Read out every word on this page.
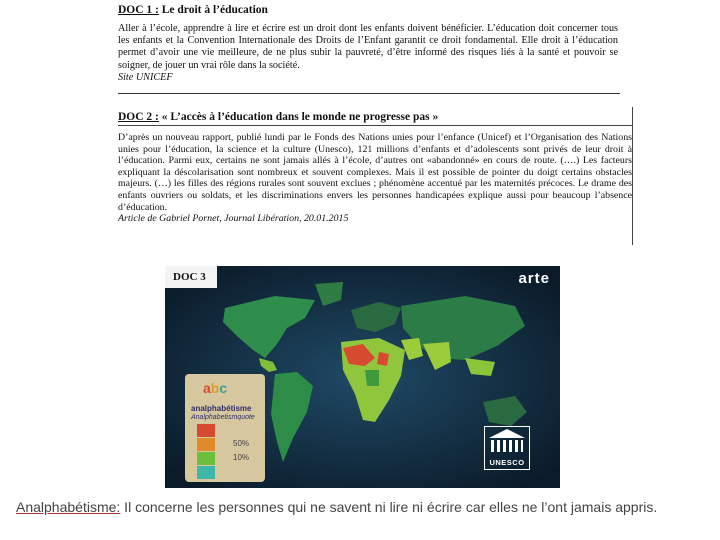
DOC 1 : Le droit à l’éducation

Aller à l’école, apprendre à lire et écrire est un droit dont les enfants doivent bénéficier. L’éducation doit concerner tous les enfants et la Convention Internationale des Droits de l’Enfant garantit ce droit fondamental. Elle droit à l’éducation permet d’avoir une vie meilleure, de ne plus subir la pauvreté, d’être informé des risques liés à la santé et pouvoir se soigner, de jouer un vrai rôle dans la société.

Site UNICEF

DOC 2 : « L’accès à l’éducation dans le monde ne progresse pas »

D’après un nouveau rapport, publié lundi par le Fonds des Nations unies pour l’enfance (Unicef) et l’Organisation des Nations unies pour l’éducation, la science et la culture (Unesco), 121 millions d’enfants et d’adolescents sont privés de leur droit à l’éducation. Parmi eux, certains ne sont jamais allés à l’école, d’autres ont «abandonné» en cours de route. (….) Les facteurs expliquant la déscolarisation sont nombreux et souvent complexes. Mais il est possible de pointer du doigt certains obstacles majeurs. (…) les filles des régions rurales sont souvent exclues ; phénomène accentué par les maternités précoces. Le drame des enfants ouvriers ou soldats, et les discriminations envers les personnes handicapées explique aussi pour beaucoup l’absence d’éducation.

Article de Gabriel Pornet, Journal Libération, 20.01.2015

DOC 3	arte
abc
analphabétisme
Analphabetismquote
50%
10%
UNESCO
Analphabétisme: Il concerne les personnes qui ne savent ni lire ni écrire car elles ne l’ont jamais appris.
